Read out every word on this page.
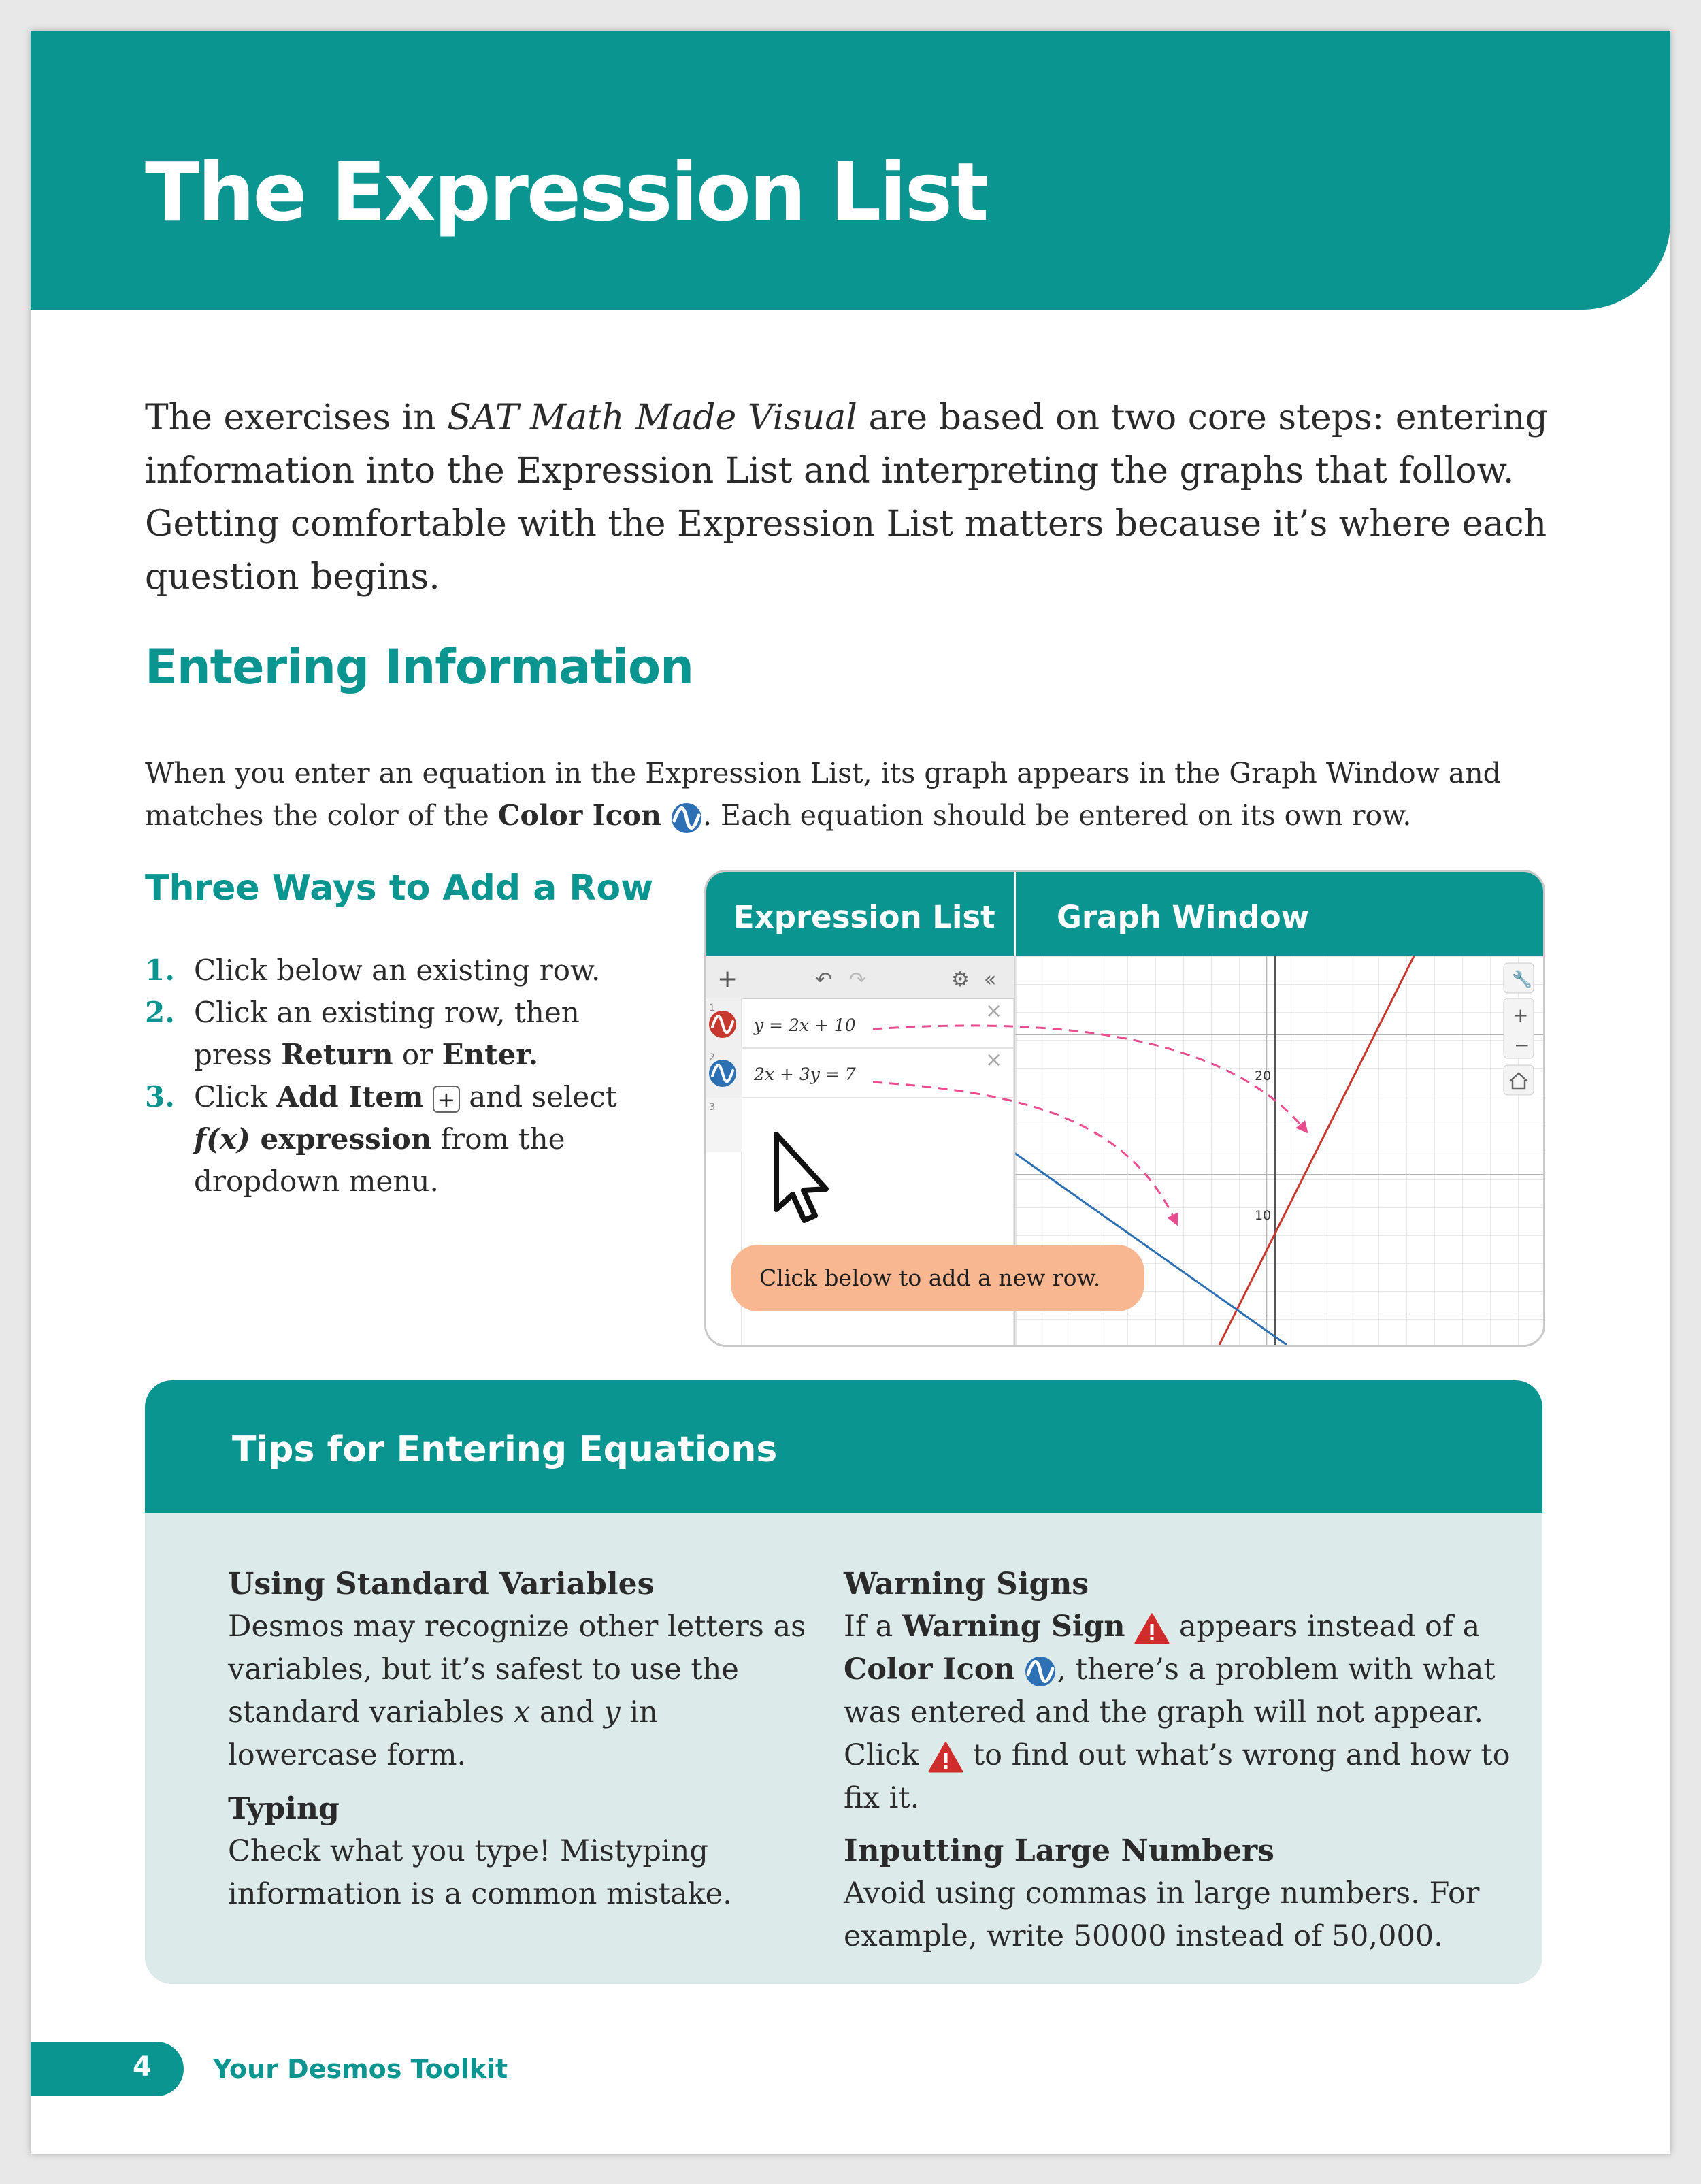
The Expression List

The exercises in SAT Math Made Visual are based on two core steps: entering information into the Expression List and interpreting the graphs that follow. Getting comfortable with the Expression List matters because it’s where each question begins.

Entering Information

When you enter an equation in the Expression List, its graph appears in the Graph Window and matches the color of the Color Icon . Each equation should be entered on its own row.

Three Ways to Add a Row
1. Click below an existing row.
2. Click an existing row, then press Return or Enter.
3. Click Add Item + and select f(x) expression from the dropdown menu.
Expression List Graph Window
20
10
🔧
+
−
+	↶ ↷	⚙ «
1
y = 2x + 10
×
2
2x + 3y = 7
×
3
Click below to add a new row.
Tips for Entering Equations
Using Standard Variables

Desmos may recognize other letters as variables, but it’s safest to use the standard variables x and y in lowercase form.

Typing

Check what you type! Mistyping information is a common mistake.

Warning Signs

If a Warning Sign
appears instead of a Color Icon , there’s a problem with what was entered and the graph will not appear. Click
to find out what’s wrong and how to fix it.

Inputting Large Numbers

Avoid using commas in large numbers. For example, write 50000 instead of 50,000.

4 Your Desmos Toolkit
